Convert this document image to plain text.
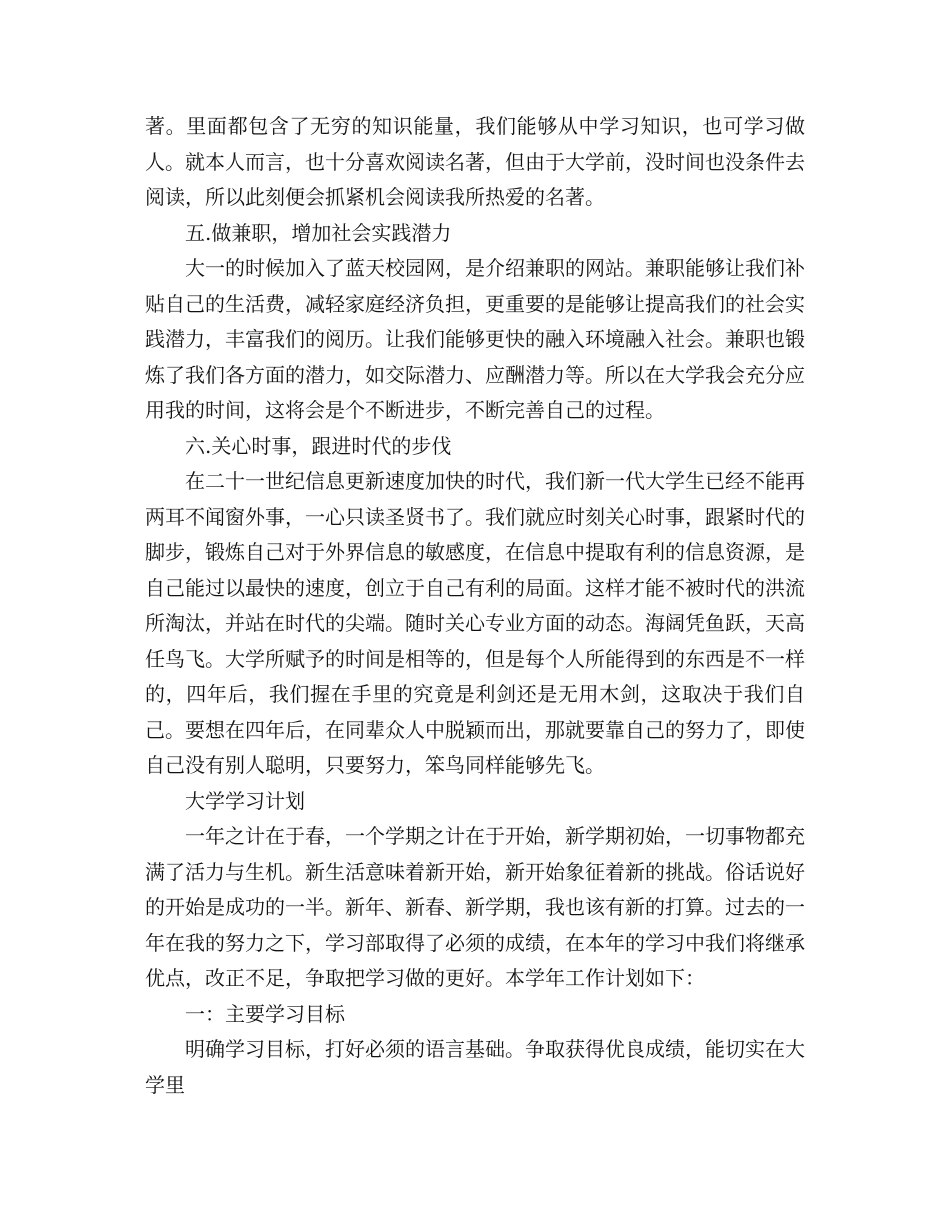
著。里面都包含了无穷的知识能量，我们能够从中学习知识，也可学习做人。就本人而言，也十分喜欢阅读名著，但由于大学前，没时间也没条件去阅读，所以此刻便会抓紧机会阅读我所热爱的名著。

五.做兼职，增加社会实践潜力

大一的时候加入了蓝天校园网，是介绍兼职的网站。兼职能够让我们补贴自己的生活费，减轻家庭经济负担，更重要的是能够让提高我们的社会实践潜力，丰富我们的阅历。让我们能够更快的融入环境融入社会。兼职也锻炼了我们各方面的潜力，如交际潜力、应酬潜力等。所以在大学我会充分应用我的时间，这将会是个不断进步，不断完善自己的过程。

六.关心时事，跟进时代的步伐

在二十一世纪信息更新速度加快的时代，我们新一代大学生已经不能再两耳不闻窗外事，一心只读圣贤书了。我们就应时刻关心时事，跟紧时代的脚步，锻炼自己对于外界信息的敏感度，在信息中提取有利的信息资源，是自己能过以最快的速度，创立于自己有利的局面。这样才能不被时代的洪流所淘汰，并站在时代的尖端。随时关心专业方面的动态。海阔凭鱼跃，天高任鸟飞。大学所赋予的时间是相等的，但是每个人所能得到的东西是不一样的，四年后，我们握在手里的究竟是利剑还是无用木剑，这取决于我们自己。要想在四年后，在同辈众人中脱颖而出，那就要靠自己的努力了，即使自己没有别人聪明，只要努力，笨鸟同样能够先飞。

大学学习计划

一年之计在于春，一个学期之计在于开始，新学期初始，一切事物都充满了活力与生机。新生活意味着新开始，新开始象征着新的挑战。俗话说好的开始是成功的一半。新年、新春、新学期，我也该有新的打算。过去的一年在我的努力之下，学习部取得了必须的成绩，在本年的学习中我们将继承优点，改正不足，争取把学习做的更好。本学年工作计划如下：

一：主要学习目标

明确学习目标，打好必须的语言基础。争取获得优良成绩，能切实在大学里
